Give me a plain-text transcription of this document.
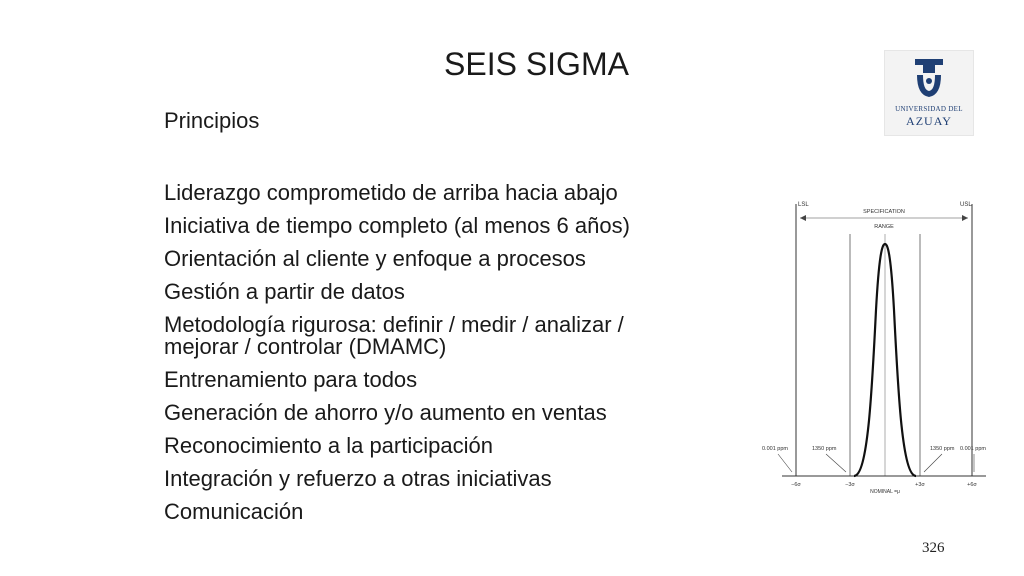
SEIS SIGMA
Principios
Liderazgo comprometido de arriba hacia abajo
Iniciativa de tiempo completo (al menos 6 años)
Orientación al cliente y enfoque a procesos
Gestión a partir de datos
Metodología rigurosa: definir / medir / analizar /
mejorar / controlar (DMAMC)
Entrenamiento para todos
Generación de ahorro y/o aumento en ventas
Reconocimiento a la participación
Integración y refuerzo a otras iniciativas
Comunicación
UNIVERSIDAD DEL
AZUAY
LSL	USL
SPECIFICATION
RANGE
0.001 ppm	1350 ppm	1350 ppm 0.001 ppm
−6σ	−3σ	+3σ	+6σ
NOMINAL =μ
326
